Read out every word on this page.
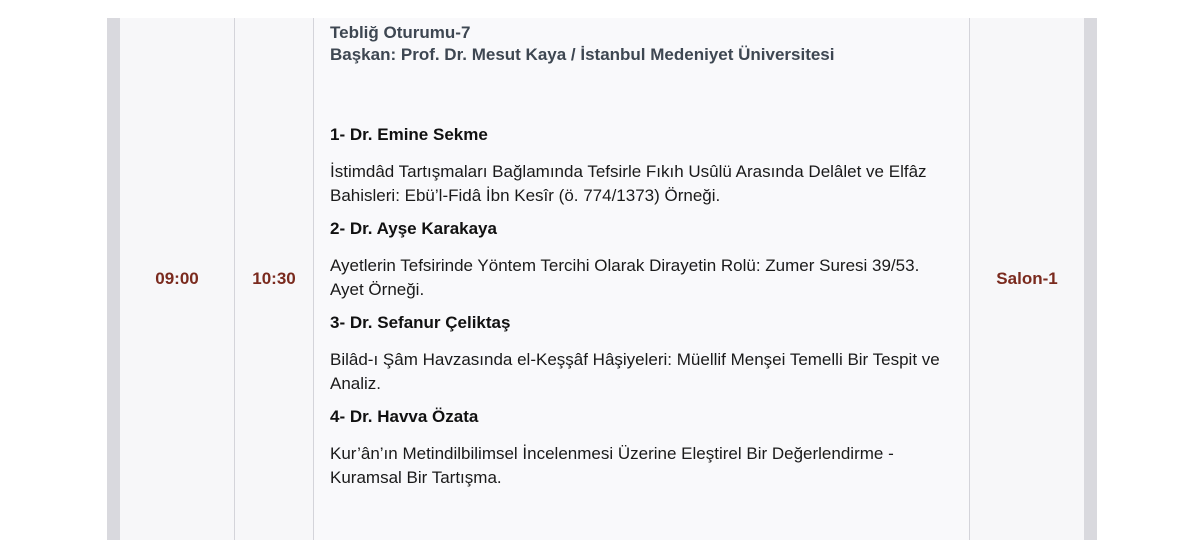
09:00	10:30
Tebliğ Oturumu-7
Başkan: Prof. Dr. Mesut Kaya / İstanbul Medeniyet Üniversitesi
1- Dr. Emine Sekme
İstimdâd Tartışmaları Bağlamında Tefsirle Fıkıh Usûlü Arasında Delâlet ve Elfâz Bahisleri: Ebü’l-Fidâ İbn Kesîr (ö. 774/1373) Örneği.
2- Dr. Ayşe Karakaya
Ayetlerin Tefsirinde Yöntem Tercihi Olarak Dirayetin Rolü: Zumer Suresi 39/53. Ayet Örneği.
3- Dr. Sefanur Çeliktaş
Bilâd-ı Şâm Havzasında el-Keşşâf Hâşiyeleri: Müellif Menşei Temelli Bir Tespit ve Analiz.
4- Dr. Havva Özata
Kur’ân’ın Metindilbilimsel İncelenmesi Üzerine Eleştirel Bir Değerlendirme -Kuramsal Bir Tartışma.
Salon-1
